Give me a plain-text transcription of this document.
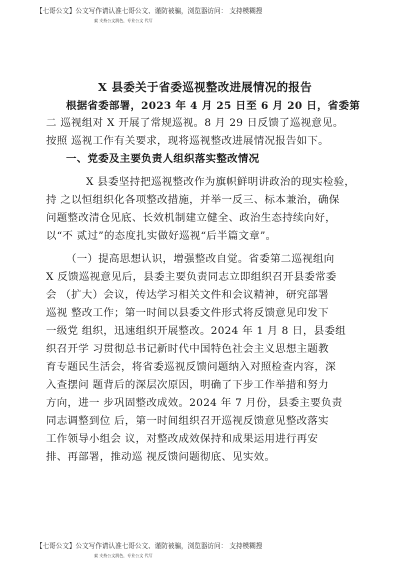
【七哥公文】公文写作请认准七哥公文、谨防被骗，浏览器访问： 支持模糊搜
索 支持公文润色，专业公文 代写
X 县委关于省委巡视整改进展情况的报告
根据省委部署，2023 年 4 月 25 日至 6 月 20 日，省委第
二 巡视组对 X 开展了常规巡视。8 月 29 日反馈了巡视意见。
按照 巡视工作有关要求，现将巡视整改进展情况报告如下。
一、党委及主要负责人组织落实整改情况
X 县委坚持把巡视整改作为旗帜鲜明讲政治的现实检验，
持 之以恒组织化各项整改措施，并举一反三、标本兼治，确保
问题整改清仓见底、长效机制建立健全、政治生态持续向好，
以“不 贰过”的态度扎实做好巡视“后半篇文章”。
（一）提高思想认识，增强整改自觉。省委第二巡视组向
X 反馈巡视意见后，县委主要负责同志立即组织召开县委常委
会 （扩大）会议，传达学习相关文件和会议精神，研究部署
巡视 整改工作；第一时间以县委文件形式将反馈意见印发下
一级党 组织，迅速组织开展整改。2024 年 1 月 8 日，县委组
织召开学 习贯彻总书记新时代中国特色社会主义思想主题教
育专题民生活会，将省委巡视反馈问题纳入对照检查内容，深
入查摆问 题背后的深层次原因，明确了下步工作举措和努力
方向，进一 步巩固整改成效。2024 年 7 月份，县委主要负责
同志调整到位 后，第一时间组织召开巡视反馈意见整改落实
工作领导小组会 议，对整改成效保持和成果运用进行再安
排、再部署，推动巡 视反馈问题彻底、见实效。
【七哥公文】公文写作请认准七哥公文、谨防被骗，浏览器访问： 支持模糊搜
索 支持公文润色，专业公文 代写
